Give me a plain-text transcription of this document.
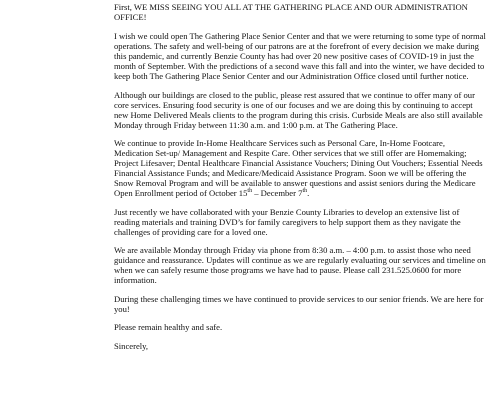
First, WE MISS SEEING YOU ALL AT THE GATHERING PLACE AND OUR ADMINISTRATION OFFICE!

I wish we could open The Gathering Place Senior Center and that we were returning to some type of normal operations. The safety and well-being of our patrons are at the forefront of every decision we make during this pandemic, and currently Benzie County has had over 20 new positive cases of COVID-19 in just the month of September. With the predictions of a second wave this fall and into the winter, we have decided to keep both The Gathering Place Senior Center and our Administration Office closed until further notice.

Although our buildings are closed to the public, please rest assured that we continue to offer many of our core services. Ensuring food security is one of our focuses and we are doing this by continuing to accept new Home Delivered Meals clients to the program during this crisis. Curbside Meals are also still available Monday through Friday between 11:30 a.m. and 1:00 p.m. at The Gathering Place.

We continue to provide In-Home Healthcare Services such as Personal Care, In-Home Footcare, Medication Set-up/ Management and Respite Care. Other services that we still offer are Homemaking; Project Lifesaver; Dental Healthcare Financial Assistance Vouchers; Dining Out Vouchers; Essential Needs Financial Assistance Funds; and Medicare/Medicaid Assistance Program. Soon we will be offering the Snow Removal Program and will be available to answer questions and assist seniors during the Medicare Open Enrollment period of October 15th – December 7th.

Just recently we have collaborated with your Benzie County Libraries to develop an extensive list of reading materials and training DVD’s for family caregivers to help support them as they navigate the challenges of providing care for a loved one.

We are available Monday through Friday via phone from 8:30 a.m. – 4:00 p.m. to assist those who need guidance and reassurance. Updates will continue as we are regularly evaluating our services and timeline on when we can safely resume those programs we have had to pause. Please call 231.525.0600 for more information.

During these challenging times we have continued to provide services to our senior friends. We are here for you!

Please remain healthy and safe.

Sincerely,
